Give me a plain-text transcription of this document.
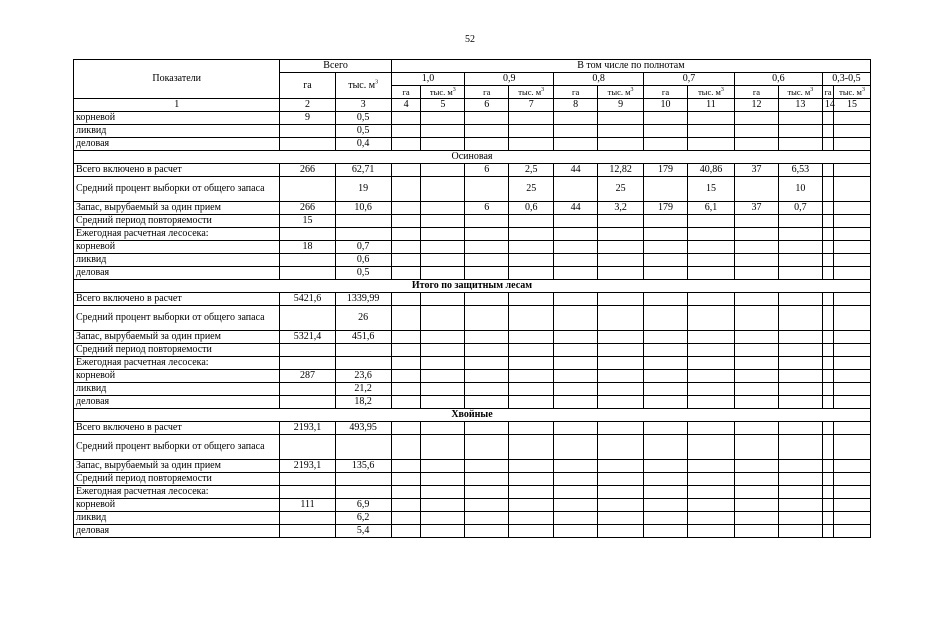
52
Показатели	Всего		В том числе по полнотам											
	га	тыс. $м^3$	1,0		0,9		0,8		0,7		0,6		0,3-0,5	
			га	тыс. $м^3$	га	тыс. $м^3$	га	тыс. $м^3$	га	тыс. $м^3$	га	тыс. $м^3$	га	тыс. $м^3$
1	2	3	4	5	6	7	8	9	10	11	12	13	14	15
корневой	9	0,5												
ликвид		0,5												
деловая		0,4												
Осиновая														
Всего включено в расчет	266	62,71			6	2,5	44	12,82	179	40,86	37	6,53		
Средний процент выборки от общего запаса		19				25		25		15		10		
Запас, вырубаемый за один прием	266	10,6			6	0,6	44	3,2	179	6,1	37	0,7		
Средний период повторяемости	15													
Ежегодная расчетная лесосека:														
корневой	18	0,7												
ликвид		0,6												
деловая		0,5												
Итого по защитным лесам														
Всего включено в расчет	5421,6	1339,99												
Средний процент выборки от общего запаса		26												
Запас, вырубаемый за один прием	5321,4	451,6												
Средний период повторяемости														
Ежегодная расчетная лесосека:														
корневой	287	23,6												
ликвид		21,2												
деловая		18,2												
Хвойные														
Всего включено в расчет	2193,1	493,95												
Средний процент выборки от общего запаса														
Запас, вырубаемый за один прием	2193,1	135,6												
Средний период повторяемости														
Ежегодная расчетная лесосека:														
корневой	111	6,9												
ликвид		6,2												
деловая		5,4												
